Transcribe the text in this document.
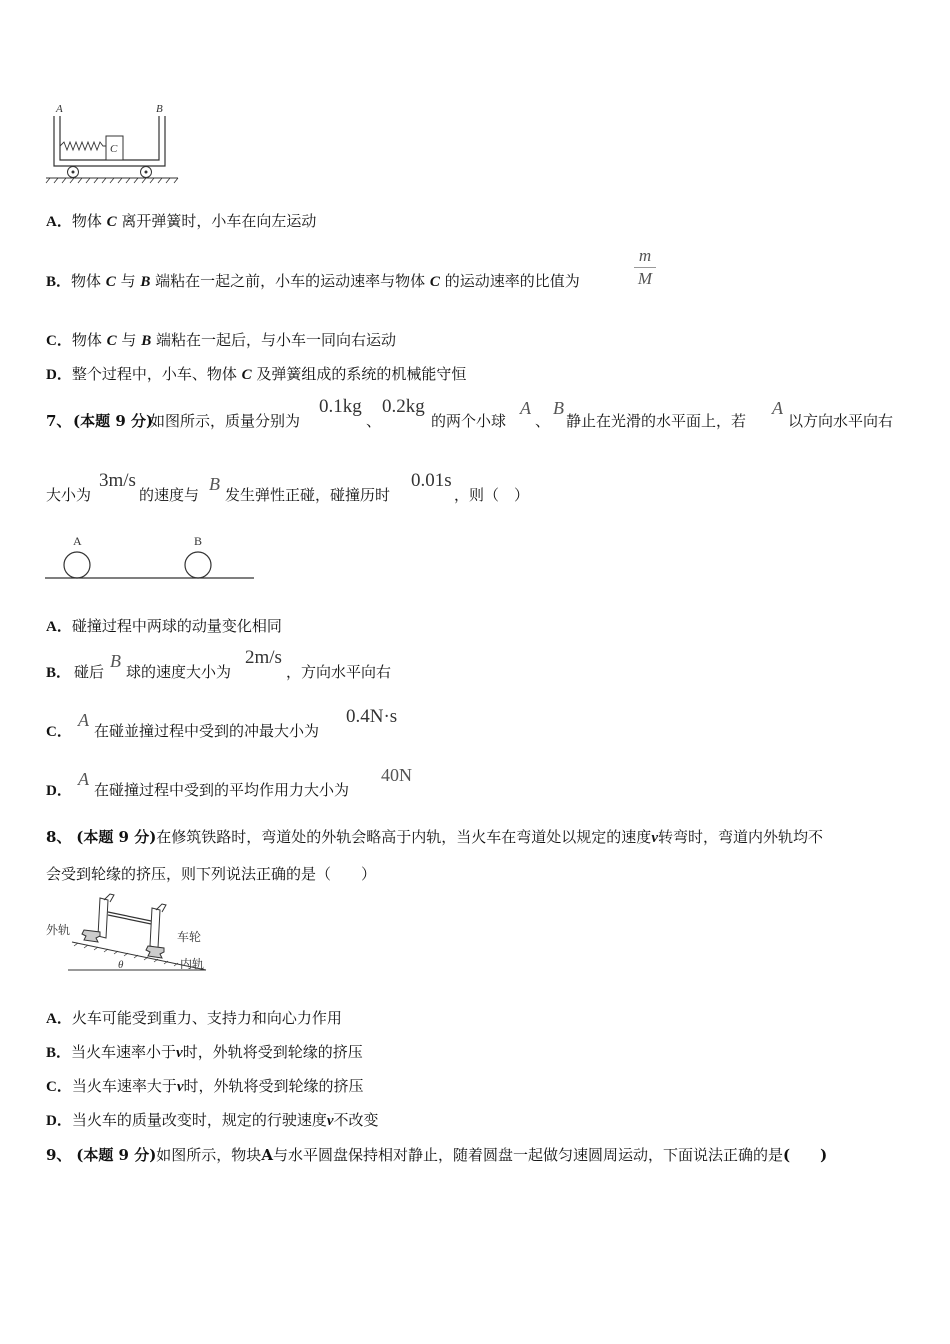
A	B
C
A．物体 C 离开弹簧时，小车在向左运动
B．物体 C 与 B 端粘在一起之前，小车的运动速率与物体 C 的运动速率的比值为
m
M
C．物体 C 与 B 端粘在一起后，与小车一同向右运动
D．整个过程中，小车、物体 C 及弹簧组成的系统的机械能守恒
7、 (本题 9 分)
如图所示，质量分别为
0.1kg
、
0.2kg
的两个小球
A
、
B
静止在光滑的水平面上，若
A
以方向水平向右
大小为
3m/s
的速度与
B
发生弹性正碰，碰撞历时
0.01s
，则（　）
A	B
A．碰撞过程中两球的动量变化相同
B． 碰后
B
球的速度大小为
2m/s
，方向水平向右
C．
A
在碰並撞过程中受到的冲最大小为
0.4N·s
D．
A
在碰撞过程中受到的平均作用力大小为
40N
8、 (本题 9 分)在修筑铁路时，弯道处的外轨会略高于内轨，当火车在弯道处以规定的速度v转弯时，弯道内外轨均不
会受到轮缘的挤压，则下列说法正确的是（　　）
外轨	车轮
内轨
θ
A．火车可能受到重力、支持力和向心力作用
B．当火车速率小于v时，外轨将受到轮缘的挤压
C．当火车速率大于v时，外轨将受到轮缘的挤压
D．当火车的质量改变时，规定的行驶速度v不改变
9、 (本题 9 分)如图所示，物块A与水平圆盘保持相对静止，随着圆盘一起做匀速圆周运动，下面说法正确的是(　　)
